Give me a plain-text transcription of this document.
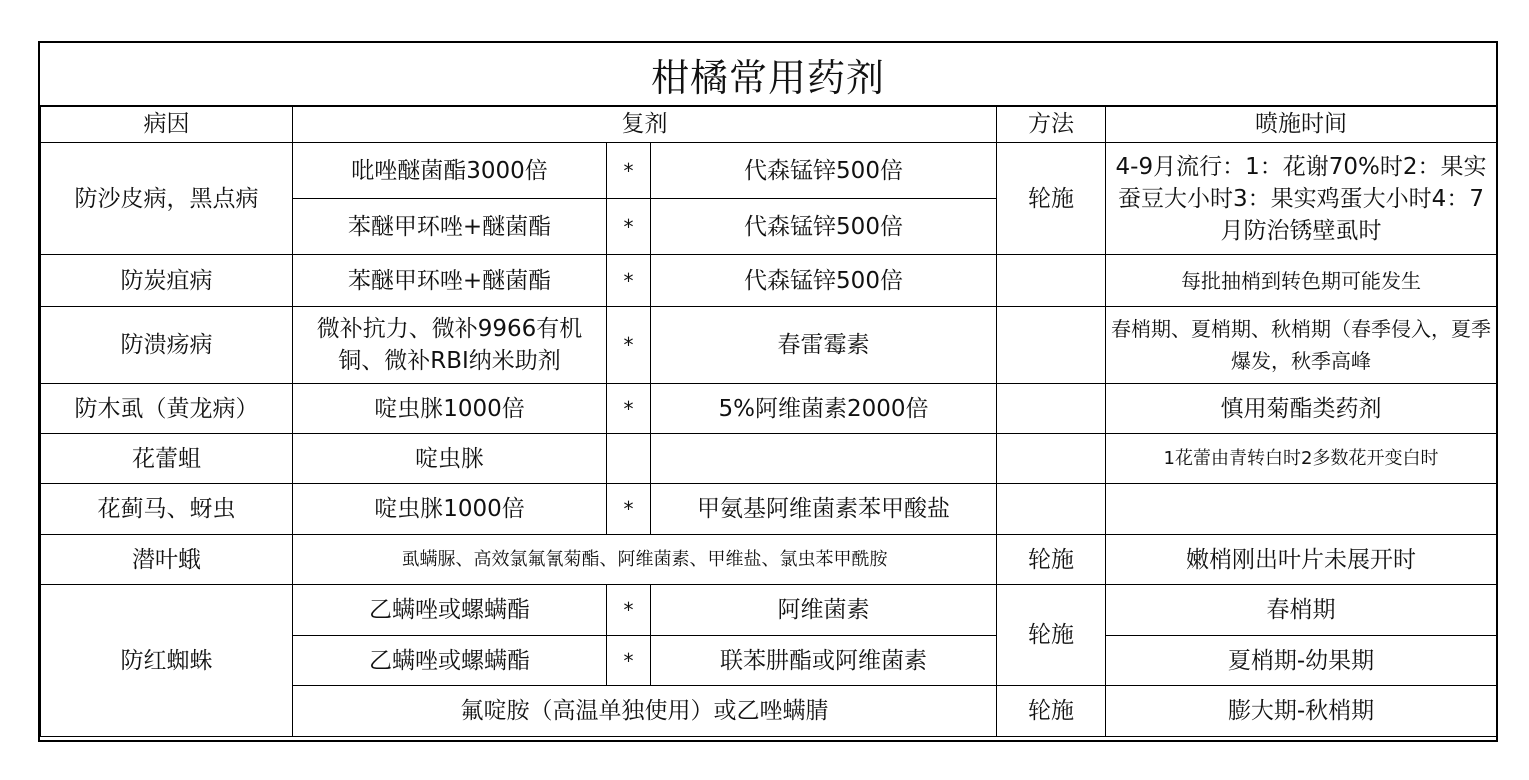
柑橘常用药剂
病因	复剂			方法	喷施时间
防沙皮病，黑点病	吡唑醚菌酯3000倍	*	代森锰锌500倍	轮施	4-9月流行：1：花谢70%时2：果实蚕豆大小时3：果实鸡蛋大小时4：7月防治锈壁虱时
	苯醚甲环唑+醚菌酯	*	代森锰锌500倍		
防炭疽病	苯醚甲环唑+醚菌酯	*	代森锰锌500倍		每批抽梢到转色期可能发生
防溃疡病	微补抗力、微补9966有机铜、微补RBI纳米助剂	*	春雷霉素		春梢期、夏梢期、秋梢期（春季侵入，夏季爆发，秋季高峰
防木虱（黄龙病）	啶虫脒1000倍	*	5%阿维菌素2000倍		慎用菊酯类药剂
花蕾蛆	啶虫脒				1花蕾由青转白时2多数花开变白时
花蓟马、蚜虫	啶虫脒1000倍	*	甲氨基阿维菌素苯甲酸盐		
潜叶蛾	虱螨脲、高效氯氟氰菊酯、阿维菌素、甲维盐、氯虫苯甲酰胺			轮施	嫩梢刚出叶片未展开时
防红蜘蛛	乙螨唑或螺螨酯	*	阿维菌素	轮施	春梢期
	乙螨唑或螺螨酯	*	联苯肼酯或阿维菌素		夏梢期-幼果期
	氟啶胺（高温单独使用）或乙唑螨腈			轮施	膨大期-秋梢期
